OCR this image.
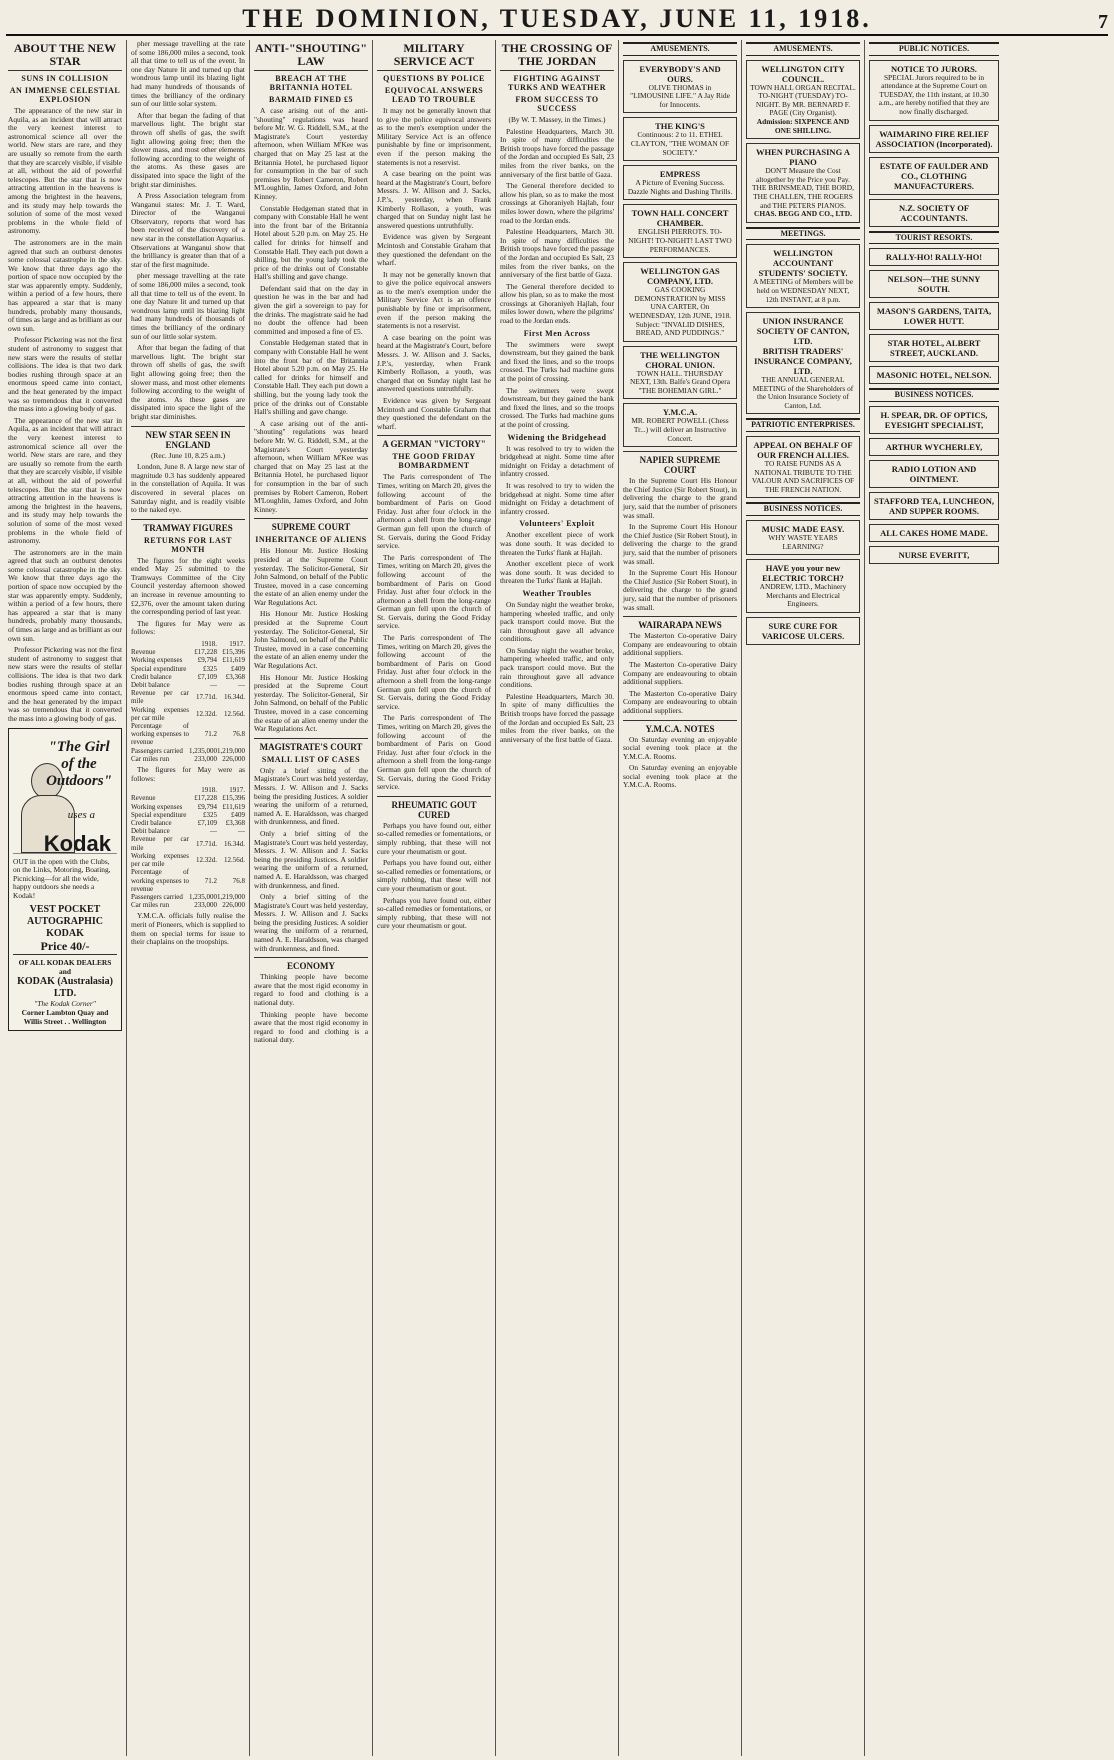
THE DOMINION, TUESDAY, JUNE 11, 1918.	7
ABOUT THE NEW STAR
SUNS IN COLLISION
AN IMMENSE CELESTIAL EXPLOSION

The appearance of the new star in Aquila, as an incident that will attract the very keenest interest to astronomical science all over the world. New stars are rare, and they are usually so remote from the earth that they are scarcely visible, if visible at all, without the aid of powerful telescopes. But the star that is now attracting attention in the heavens is among the brightest in the heavens, and its study may help towards the solution of some of the most vexed problems in the whole field of astronomy.

The astronomers are in the main agreed that such an outburst denotes some colossal catastrophe in the sky. We know that three days ago the portion of space now occupied by the star was apparently empty. Suddenly, within a period of a few hours, there has appeared a star that is many hundreds, probably many thousands, of times as large and as brilliant as our own sun.

Professor Pickering was not the first student of astronomy to suggest that new stars were the results of stellar collisions. The idea is that two dark bodies rushing through space at an enormous speed came into contact, and the heat generated by the impact was so tremendous that it converted the mass into a glowing body of gas.

The appearance of the new star in Aquila, as an incident that will attract the very keenest interest to astronomical science all over the world. New stars are rare, and they are usually so remote from the earth that they are scarcely visible, if visible at all, without the aid of powerful telescopes. But the star that is now attracting attention in the heavens is among the brightest in the heavens, and its study may help towards the solution of some of the most vexed problems in the whole field of astronomy.

The astronomers are in the main agreed that such an outburst denotes some colossal catastrophe in the sky. We know that three days ago the portion of space now occupied by the star was apparently empty. Suddenly, within a period of a few hours, there has appeared a star that is many hundreds, probably many thousands, of times as large and as brilliant as our own sun.

Professor Pickering was not the first student of astronomy to suggest that new stars were the results of stellar collisions. The idea is that two dark bodies rushing through space at an enormous speed came into contact, and the heat generated by the impact was so tremendous that it converted the mass into a glowing body of gas.

"The Girl of the Outdoors"
uses a
Kodak

OUT in the open with the Clubs, on the Links, Motoring, Boating, Picnicking—for all the wide, happy outdoors she needs a Kodak!

VEST POCKET AUTOGRAPHIC KODAK
Price 40/-
OF ALL KODAK DEALERS and
KODAK (Australasia) LTD.
"The Kodak Corner"
Corner Lambton Quay and Willis Street . . Wellington

pher message travelling at the rate of some 186,000 miles a second, took all that time to tell us of the event. In one day Nature lit and turned up that wondrous lamp until its blazing light had many hundreds of thousands of times the brilliancy of the ordinary sun of our little solar system.

After that began the fading of that marvellous light. The bright star thrown off shells of gas, the swift light allowing going free; then the slower mass, and most other elements following according to the weight of the atoms. As these gases are dissipated into space the light of the bright star diminishes.

A Press Association telegram from Wanganui states: Mr. J. T. Ward, Director of the Wanganui Observatory, reports that word has been received of the discovery of a new star in the constellation Aquarius. Observations at Wanganui show that the brilliancy is greater than that of a star of the first magnitude.

pher message travelling at the rate of some 186,000 miles a second, took all that time to tell us of the event. In one day Nature lit and turned up that wondrous lamp until its blazing light had many hundreds of thousands of times the brilliancy of the ordinary sun of our little solar system.

After that began the fading of that marvellous light. The bright star thrown off shells of gas, the swift light allowing going free; then the slower mass, and most other elements following according to the weight of the atoms. As these gases are dissipated into space the light of the bright star diminishes.

NEW STAR SEEN IN ENGLAND

(Rec. June 10, 8.25 a.m.)

London, June 8. A large new star of magnitude 0.3 has suddenly appeared in the constellation of Aquila. It was discovered in several places on Saturday night, and is readily visible to the naked eye.

TRAMWAY FIGURES
RETURNS FOR LAST MONTH

The figures for the eight weeks ended May 25 submitted to the Tramways Committee of the City Council yesterday afternoon showed an increase in revenue amounting to £2,376, over the amount taken during the corresponding period of last year.

The figures for May were as follows:

	1918.	1917.
Revenue	£17,228	£15,396
Working expenses	£9,794	£11,619
Special expenditure	£325	£409
Credit balance	£7,109	£3,368
Debit balance	—	—
Revenue per car mile	17.71d.	16.34d.
Working expenses per car mile	12.32d.	12.56d.
Percentage of working expenses to revenue	71.2	76.8
Passengers carried	1,235,000	1,219,000
Car miles run	233,000	226,000

The figures for May were as follows:

	1918.	1917.
Revenue	£17,228	£15,396
Working expenses	£9,794	£11,619
Special expenditure	£325	£409
Credit balance	£7,109	£3,368
Debit balance	—	—
Revenue per car mile	17.71d.	16.34d.
Working expenses per car mile	12.32d.	12.56d.
Percentage of working expenses to revenue	71.2	76.8
Passengers carried	1,235,000	1,219,000
Car miles run	233,000	226,000

Y.M.C.A. officials fully realise the merit of Pioneers, which is supplied to them on special terms for issue to their chaplains on the troopships.

ANTI-"SHOUTING" LAW
BREACH AT THE BRITANNIA HOTEL
BARMAID FINED £5

A case arising out of the anti-"shouting" regulations was heard before Mr. W. G. Riddell, S.M., at the Magistrate's Court yesterday afternoon, when William M'Kee was charged that on May 25 last at the Britannia Hotel, he purchased liquor for consumption in the bar of such premises by Robert Cameron, Robert M'Loughlin, James Oxford, and John Kinney.

Constable Hedgeman stated that in company with Constable Hall he went into the front bar of the Britannia Hotel about 5.20 p.m. on May 25. He called for drinks for himself and Constable Hall. They each put down a shilling, but the young lady took the price of the drinks out of Constable Hall's shilling and gave change.

Defendant said that on the day in question he was in the bar and had given the girl a sovereign to pay for the drinks. The magistrate said he had no doubt the offence had been committed and imposed a fine of £5.

Constable Hedgeman stated that in company with Constable Hall he went into the front bar of the Britannia Hotel about 5.20 p.m. on May 25. He called for drinks for himself and Constable Hall. They each put down a shilling, but the young lady took the price of the drinks out of Constable Hall's shilling and gave change.

A case arising out of the anti-"shouting" regulations was heard before Mr. W. G. Riddell, S.M., at the Magistrate's Court yesterday afternoon, when William M'Kee was charged that on May 25 last at the Britannia Hotel, he purchased liquor for consumption in the bar of such premises by Robert Cameron, Robert M'Loughlin, James Oxford, and John Kinney.

SUPREME COURT
INHERITANCE OF ALIENS

His Honour Mr. Justice Hosking presided at the Supreme Court yesterday. The Solicitor-General, Sir John Salmond, on behalf of the Public Trustee, moved in a case concerning the estate of an alien enemy under the War Regulations Act.

His Honour Mr. Justice Hosking presided at the Supreme Court yesterday. The Solicitor-General, Sir John Salmond, on behalf of the Public Trustee, moved in a case concerning the estate of an alien enemy under the War Regulations Act.

His Honour Mr. Justice Hosking presided at the Supreme Court yesterday. The Solicitor-General, Sir John Salmond, on behalf of the Public Trustee, moved in a case concerning the estate of an alien enemy under the War Regulations Act.

MAGISTRATE'S COURT
SMALL LIST OF CASES

Only a brief sitting of the Magistrate's Court was held yesterday, Messrs. J. W. Allison and J. Sacks being the presiding Justices. A soldier wearing the uniform of a returned, named A. E. Haraldsson, was charged with drunkenness, and fined.

Only a brief sitting of the Magistrate's Court was held yesterday, Messrs. J. W. Allison and J. Sacks being the presiding Justices. A soldier wearing the uniform of a returned, named A. E. Haraldsson, was charged with drunkenness, and fined.

Only a brief sitting of the Magistrate's Court was held yesterday, Messrs. J. W. Allison and J. Sacks being the presiding Justices. A soldier wearing the uniform of a returned, named A. E. Haraldsson, was charged with drunkenness, and fined.

ECONOMY

Thinking people have become aware that the most rigid economy in regard to food and clothing is a national duty.

Thinking people have become aware that the most rigid economy in regard to food and clothing is a national duty.

MILITARY SERVICE ACT
QUESTIONS BY POLICE
EQUIVOCAL ANSWERS LEAD TO TROUBLE

It may not be generally known that to give the police equivocal answers as to the men's exemption under the Military Service Act is an offence punishable by fine or imprisonment, even if the person making the statements is not a reservist.

A case bearing on the point was heard at the Magistrate's Court, before Messrs. J. W. Allison and J. Sacks, J.P.'s, yesterday, when Frank Kimberly Rollason, a youth, was charged that on Sunday night last he answered questions untruthfully.

Evidence was given by Sergeant Mcintosh and Constable Graham that they questioned the defendant on the wharf.

It may not be generally known that to give the police equivocal answers as to the men's exemption under the Military Service Act is an offence punishable by fine or imprisonment, even if the person making the statements is not a reservist.

A case bearing on the point was heard at the Magistrate's Court, before Messrs. J. W. Allison and J. Sacks, J.P.'s, yesterday, when Frank Kimberly Rollason, a youth, was charged that on Sunday night last he answered questions untruthfully.

Evidence was given by Sergeant Mcintosh and Constable Graham that they questioned the defendant on the wharf.

A GERMAN "VICTORY"
THE GOOD FRIDAY BOMBARDMENT

The Paris correspondent of The Times, writing on March 20, gives the following account of the bombardment of Paris on Good Friday. Just after four o'clock in the afternoon a shell from the long-range German gun fell upon the church of St. Gervais, during the Good Friday service.

The Paris correspondent of The Times, writing on March 20, gives the following account of the bombardment of Paris on Good Friday. Just after four o'clock in the afternoon a shell from the long-range German gun fell upon the church of St. Gervais, during the Good Friday service.

The Paris correspondent of The Times, writing on March 20, gives the following account of the bombardment of Paris on Good Friday. Just after four o'clock in the afternoon a shell from the long-range German gun fell upon the church of St. Gervais, during the Good Friday service.

The Paris correspondent of The Times, writing on March 20, gives the following account of the bombardment of Paris on Good Friday. Just after four o'clock in the afternoon a shell from the long-range German gun fell upon the church of St. Gervais, during the Good Friday service.

RHEUMATIC GOUT CURED

Perhaps you have found out, either so-called remedies or fomentations, or simply rubbing, that these will not cure your rheumatism or gout.

Perhaps you have found out, either so-called remedies or fomentations, or simply rubbing, that these will not cure your rheumatism or gout.

Perhaps you have found out, either so-called remedies or fomentations, or simply rubbing, that these will not cure your rheumatism or gout.

THE CROSSING OF THE JORDAN
FIGHTING AGAINST TURKS AND WEATHER
FROM SUCCESS TO SUCCESS

(By W. T. Massey, in the Times.)

Palestine Headquarters, March 30. In spite of many difficulties the British troops have forced the passage of the Jordan and occupied Es Salt, 23 miles from the river banks, on the anniversary of the first battle of Gaza.

The General therefore decided to allow his plan, so as to make the most crossings at Ghoraniyeh Hajlah, four miles lower down, where the pilgrims' road to the Jordan ends.

Palestine Headquarters, March 30. In spite of many difficulties the British troops have forced the passage of the Jordan and occupied Es Salt, 23 miles from the river banks, on the anniversary of the first battle of Gaza.

The General therefore decided to allow his plan, so as to make the most crossings at Ghoraniyeh Hajlah, four miles lower down, where the pilgrims' road to the Jordan ends.

First Men Across

The swimmers were swept downstream, but they gained the bank and fixed the lines, and so the troops crossed. The Turks had machine guns at the point of crossing.

The swimmers were swept downstream, but they gained the bank and fixed the lines, and so the troops crossed. The Turks had machine guns at the point of crossing.

Widening the Bridgehead

It was resolved to try to widen the bridgehead at night. Some time after midnight on Friday a detachment of infantry crossed.

It was resolved to try to widen the bridgehead at night. Some time after midnight on Friday a detachment of infantry crossed.

Volunteers' Exploit

Another excellent piece of work was done south. It was decided to threaten the Turks' flank at Hajlah.

Another excellent piece of work was done south. It was decided to threaten the Turks' flank at Hajlah.

Weather Troubles

On Sunday night the weather broke, hampering wheeled traffic, and only pack transport could move. But the rain throughout gave all advance conditions.

On Sunday night the weather broke, hampering wheeled traffic, and only pack transport could move. But the rain throughout gave all advance conditions.

Palestine Headquarters, March 30. In spite of many difficulties the British troops have forced the passage of the Jordan and occupied Es Salt, 23 miles from the river banks, on the anniversary of the first battle of Gaza.

AMUSEMENTS.
EVERYBODY'S AND OURS.
OLIVE THOMAS in "LIMOUSINE LIFE." A Jay Ride for Innocents.
THE KING'S
Continuous: 2 to 11. ETHEL CLAYTON, "THE WOMAN OF SOCIETY."
EMPRESS
A Picture of Evening Success. Dazzle Nights and Dashing Thrills.
TOWN HALL CONCERT CHAMBER.
ENGLISH PIERROTS. TO-NIGHT! TO-NIGHT! LAST TWO PERFORMANCES.
WELLINGTON GAS COMPANY, LTD.
GAS COOKING DEMONSTRATION by MISS UNA CARTER, On WEDNESDAY, 12th JUNE, 1918. Subject: "INVALID DISHES, BREAD, AND PUDDINGS."
THE WELLINGTON CHORAL UNION.
TOWN HALL. THURSDAY NEXT, 13th. Balfe's Grand Opera "THE BOHEMIAN GIRL."
Y.M.C.A.
MR. ROBERT POWELL (Chess Tr...) will deliver an Instructive Concert.
NAPIER SUPREME COURT

In the Supreme Court His Honour the Chief Justice (Sir Robert Stout), in delivering the charge to the grand jury, said that the number of prisoners was small.

In the Supreme Court His Honour the Chief Justice (Sir Robert Stout), in delivering the charge to the grand jury, said that the number of prisoners was small.

In the Supreme Court His Honour the Chief Justice (Sir Robert Stout), in delivering the charge to the grand jury, said that the number of prisoners was small.

WAIRARAPA NEWS

The Masterton Co-operative Dairy Company are endeavouring to obtain additional suppliers.

The Masterton Co-operative Dairy Company are endeavouring to obtain additional suppliers.

The Masterton Co-operative Dairy Company are endeavouring to obtain additional suppliers.

Y.M.C.A. NOTES

On Saturday evening an enjoyable social evening took place at the Y.M.C.A. Rooms.

On Saturday evening an enjoyable social evening took place at the Y.M.C.A. Rooms.

AMUSEMENTS.
WELLINGTON CITY COUNCIL.
TOWN HALL ORGAN RECITAL. TO-NIGHT (TUESDAY) TO-NIGHT. By MR. BERNARD F. PAGE (City Organist).
Admission: SIXPENCE AND ONE SHILLING.
WHEN PURCHASING A PIANO
DON'T Measure the Cost altogether by the Price you Pay. THE BRINSMEAD, THE BORD, THE CHALLEN, THE ROGERS and THE PETERS PIANOS.
CHAS. BEGG AND CO., LTD.
MEETINGS.
WELLINGTON ACCOUNTANT STUDENTS' SOCIETY.
A MEETING of Members will be held on WEDNESDAY NEXT, 12th INSTANT, at 8 p.m.
UNION INSURANCE SOCIETY OF CANTON, LTD.
BRITISH TRADERS' INSURANCE COMPANY, LTD.
THE ANNUAL GENERAL MEETING of the Shareholders of the Union Insurance Society of Canton, Ltd.
PATRIOTIC ENTERPRISES.
APPEAL ON BEHALF OF OUR FRENCH ALLIES.
TO RAISE FUNDS AS A NATIONAL TRIBUTE TO THE VALOUR AND SACRIFICES OF THE FRENCH NATION.
BUSINESS NOTICES.
MUSIC MADE EASY.
WHY WASTE YEARS LEARNING?
HAVE you your new ELECTRIC TORCH?
ANDREW, LTD., Machinery Merchants and Electrical Engineers.
SURE CURE FOR VARICOSE ULCERS.
PUBLIC NOTICES.
NOTICE TO JURORS.
SPECIAL Jurors required to be in attendance at the Supreme Court on TUESDAY, the 11th instant, at 10.30 a.m., are hereby notified that they are now finally discharged.
WAIMARINO FIRE RELIEF ASSOCIATION (Incorporated).
ESTATE OF FAULDER AND CO., CLOTHING MANUFACTURERS.
N.Z. SOCIETY OF ACCOUNTANTS.
TOURIST RESORTS.
RALLY-HO! RALLY-HO!
NELSON—THE SUNNY SOUTH.
MASON'S GARDENS, TAITA, LOWER HUTT.
STAR HOTEL, ALBERT STREET, AUCKLAND.
MASONIC HOTEL, NELSON.
BUSINESS NOTICES.
H. SPEAR, DR. OF OPTICS, EYESIGHT SPECIALIST,
ARTHUR WYCHERLEY,
RADIO LOTION AND OINTMENT.
STAFFORD TEA, LUNCHEON, AND SUPPER ROOMS.
ALL CAKES HOME MADE.
NURSE EVERITT,
